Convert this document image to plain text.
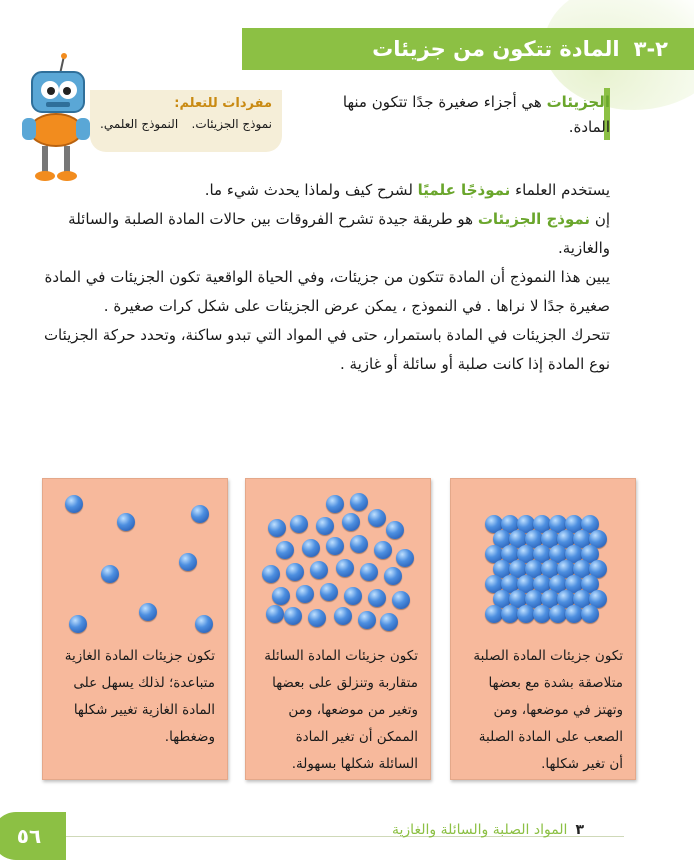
٢-٣
المادة تتكون من جزيئات
مفردات للتعلم:
نموذج الجزيئات.
النموذج العلمي.
الجزيئات هي أجزاء صغيرة جدًا تتكون منها المادة.

يستخدم العلماء نموذجًا علميًا لشرح كيف ولماذا يحدث شيء ما.

إن نموذج الجزيئات هو طريقة جيدة تشرح الفروقات بين حالات المادة الصلبة والسائلة والغازية.

يبين هذا النموذج أن المادة تتكون من جزيئات، وفي الحياة الواقعية تكون الجزيئات في المادة صغيرة جدًا لا نراها . في النموذج ، يمكن عرض الجزيئات على شكل كرات صغيرة .

تتحرك الجزيئات في المادة باستمرار، حتى في المواد التي تبدو ساكنة، وتحدد حركة الجزيئات نوع المادة إذا كانت صلبة أو سائلة أو غازية .

تكون جزيئات المادة الصلبة متلاصقة بشدة مع بعضها وتهتز في موضعها، ومن الصعب على المادة الصلبة أن تغير شكلها.
تكون جزيئات المادة السائلة متقاربة وتنزلق على بعضها وتغير من موضعها، ومن الممكن أن تغير المادة السائلة شكلها بسهولة.
تكون جزيئات المادة الغازية متباعدة؛ لذلك يسهل على المادة الغازية تغيير شكلها وضغطها.
٣المواد الصلبة والسائلة والغازية
٥٦
